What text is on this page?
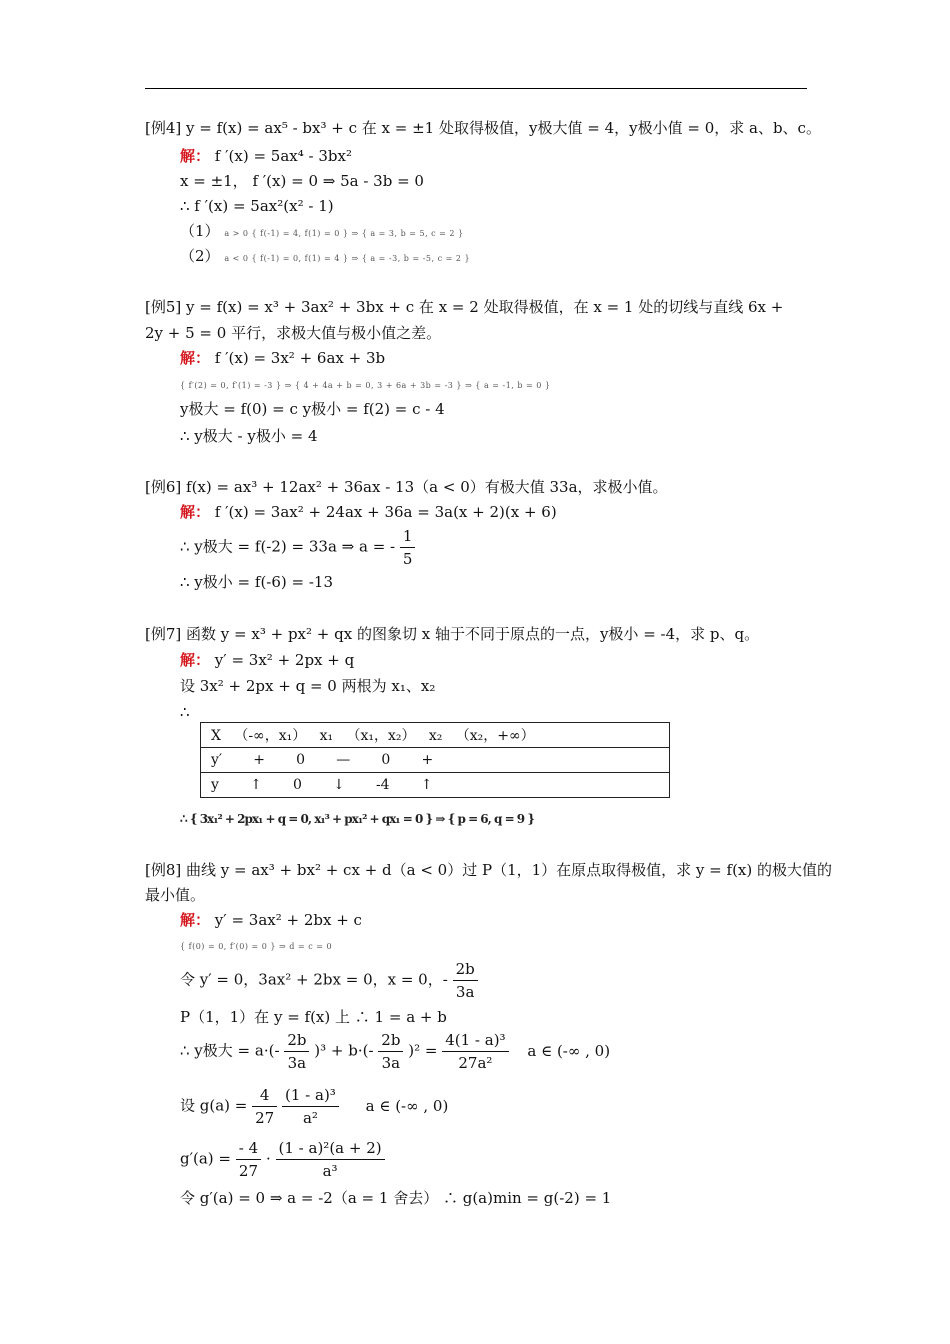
[例4] y = f(x) = ax⁵ - bx³ + c 在 x = ±1 处取得极值，y极大值 = 4，y极小值 = 0，求 a、b、c。
解： f ′(x) = 5ax⁴ - 3bx²
x = ±1， f ′(x) = 0 ⇒ 5a - 3b = 0
∴ f ′(x) = 5ax²(x² - 1)
（1） a > 0 { f(-1) = 4, f(1) = 0 } ⇒ { a = 3, b = 5, c = 2 }
（2） a < 0 { f(-1) = 0, f(1) = 4 } ⇒ { a = -3, b = -5, c = 2 }
[例5] y = f(x) = x³ + 3ax² + 3bx + c 在 x = 2 处取得极值，在 x = 1 处的切线与直线 6x +
2y + 5 = 0 平行，求极大值与极小值之差。
解： f ′(x) = 3x² + 6ax + 3b
{ f′(2) = 0, f′(1) = -3 } ⇒ { 4 + 4a + b = 0, 3 + 6a + 3b = -3 } ⇒ { a = -1, b = 0 }
y极大 = f(0) = c y极小 = f(2) = c - 4
∴ y极大 - y极小 = 4
[例6] f(x) = ax³ + 12ax² + 36ax - 13（a < 0）有极大值 33a，求极小值。
解： f ′(x) = 3ax² + 24ax + 36a = 3a(x + 2)(x + 6)
∴ y极大 = f(-2) = 33a ⇒ a = - $\frac{1}{5}$
∴ y极小 = f(-6) = -13
[例7] 函数 y = x³ + px² + qx 的图象切 x 轴于不同于原点的一点，y极小 = -4，求 p、q。
解： y′ = 3x² + 2px + q
设 3x² + 2px + q = 0 两根为 x₁、x₂
∴
X （-∞，x₁） x₁ （x₁，x₂） x₂ （x₂，+∞）
y′ + 0 — 0 +
y ↑ 0 ↓ -4 ↑
∴ { 3x₁² + 2px₁ + q = 0, x₁³ + px₁² + qx₁ = 0 } ⇒ { p = 6, q = 9 }
[例8] 曲线 y = ax³ + bx² + cx + d（a < 0）过 P（1，1）在原点取得极值，求 y = f(x) 的极大值的
最小值。
解： y′ = 3ax² + 2bx + c
{ f(0) = 0, f′(0) = 0 } ⇒ d = c = 0
令 y′ = 0，3ax² + 2bx = 0，x = 0，- $\frac{2b}{3a}$
P（1，1）在 y = f(x) 上 ∴ 1 = a + b
∴ y极大 = $a\cdot(- \frac{2b}{3a} )^3 + b\cdot(- \frac{2b}{3a} )^2 = \frac{\text{4(1 - a)³}}{\text{27a²}}$ a ∈ (-∞ , 0)
设 $g(a) = \frac{4}{27}$
$\frac{\text{(1 - a)³}}{\text{a²}}$ a ∈ (-∞ , 0)
$g'(a) = \frac{- 4}{27} \cdot \frac{\text{(1 - a)²(a + 2)}}{\text{a³}}$
令 g′(a) = 0 ⇒ a = -2（a = 1 舍去） ∴ g(a)min = g(-2) = 1
